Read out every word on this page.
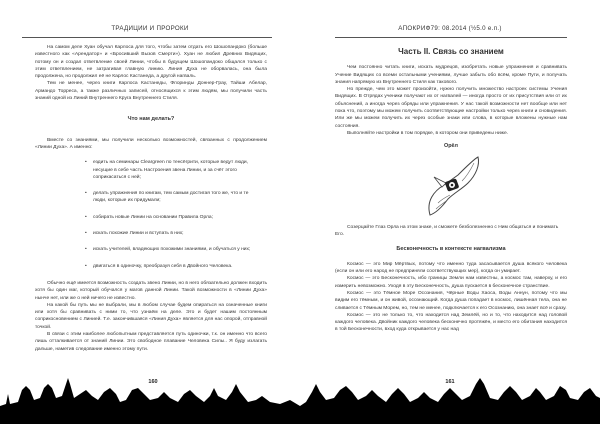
ТРАДИЦИИ И ПРОРОКИ

На самом деле Хуан обучал Карлоса для того, чтобы затем отдать его Шошопандоко (больше известного как «Арендатор» и «Бросивший Вызов Смерти»). Хуан не любил Древних Видящих, потому он и создал ответвление своей Линии, чтобы в будущем Шошопандоко общался только с этим ответвлением, не затрагивая главную линию. Линия Духа не оборвалась, она была продолжена, но продолжил её не Карлос Кастанеда, а другой нагваль.

Тем не менее, через книги Карлоса Кастанеды, Флоринды Доннер-Грау, Тайши Абелар, Армандо Торреса, а также различных записей, относящихся к этим людям, мы получили часть знаний одной из Линий Внутреннего Круга Внутреннего Стиля.

Что нам делать?

Вместе со знаниями, мы получили несколько возможностей, связанных с продолжением «Линии Духа». А именно:

• ездить на семинары Cleargreen по тенсёгрити, которые ведут люди, несущие в себе часть Настроения звена Линии, и за счёт этого соприкасаться с ней;
• делать упражнения по книгам, тем самым достигая того же, что и те люди, которые их придумали;
• собирать новые Линии на основании Правила Орла;
• искать похожие Линии и вступать в них;
• искать учителей, владеющих похожими знаниями, и обучаться у них;
• двигаться в одиночку, преобразуя себя в Двойного Человека.

Обычно ещё имеется возможность создать звено Линии, но в него обязательно должен входить хотя бы один маг, который обучался у магов данной Линии. Такой возможности в «Линии Духа» нынче нет, или же о ней ничего не известно.

На какой бы путь мы не выбрали, мы в любом случае будем опираться на означенные книги или хотя бы сравнивать с ними то, что узнаём на деле. Это и будет нашим постоянным соприкосновением с Линией. Т.е. закончившаяся «Линия Духа» является для нас опорой, отправной точкой.

В связи с этим наиболее любопытным представляется путь одиночки, т.к. он именно что всего лишь отталкивается от знаний Линии. Это свободное плавание Человека Силы.. Я буду излагать дальше, наметив следование именно этому пути.

АПОКРИФ79: 08.2014 (½5.0 е.п.)
Часть II. Связь со знанием

Чем постоянно читать книги, искать мудрецов, изобретать новые упражнения и сравнивать Учение Видящих со всеми остальными учениями, лучше забыть обо всём, кроме Пути, и получать знания напрямую из Внутреннего Стиля как такового.

Но прежде, чем это может произойти, нужно получить множество настроек системы Учения Видящих. В Отрядах ученики получают их от нагвалей — иногда просто от их присутствия или от их объяснений, а иногда через обряды или упражнения. У нас такой возможности нет вообще или нет пока что, поэтому мы можем получить соответствующие настройки только через книги и сновидения. Или же мы можем получить их через особые знаки или слова, в которые вложены нужные нам состояния.

Выполняйте настройки в том порядке, в котором они приведены ниже.

Орёл

Созерцайте Глаз Орла на этом знаке, и сможете безболезненно с Ним общаться и понимать Его.

Бесконечность в контексте нагвализма

Космос — это Мир Мёртвых, потому что именно туда засасывается душа всякого человека (если он или его народ не предприняли соответствующих мер), когда он умирает.

Космос — это Бесконечность, ибо границы Земли нам известны, а космос там, наверху, и его измерить невозможно. Уходя в эту Бесконечность, душа пускается в бесконечное странствие.

Космос — это Тёмное Море Осознания, Чёрные Воды Хаоса, Воды Аннун, потому что мы видим его тёмным, и он живой, осознающий. Когда душа попадает в космос, лишённая тела, она не сливается с Тёмным Морем, но, тем не менее, подключается к его Осознанию, она знает всё и сразу.

Космос — это не только то, что находится над Землёй, но и то, что находится над головой каждого человека. Двойник каждого человека бесконечно протяжён, и место его обитания находится в той Бесконечности, вход куда открывается у нас над

160	161
